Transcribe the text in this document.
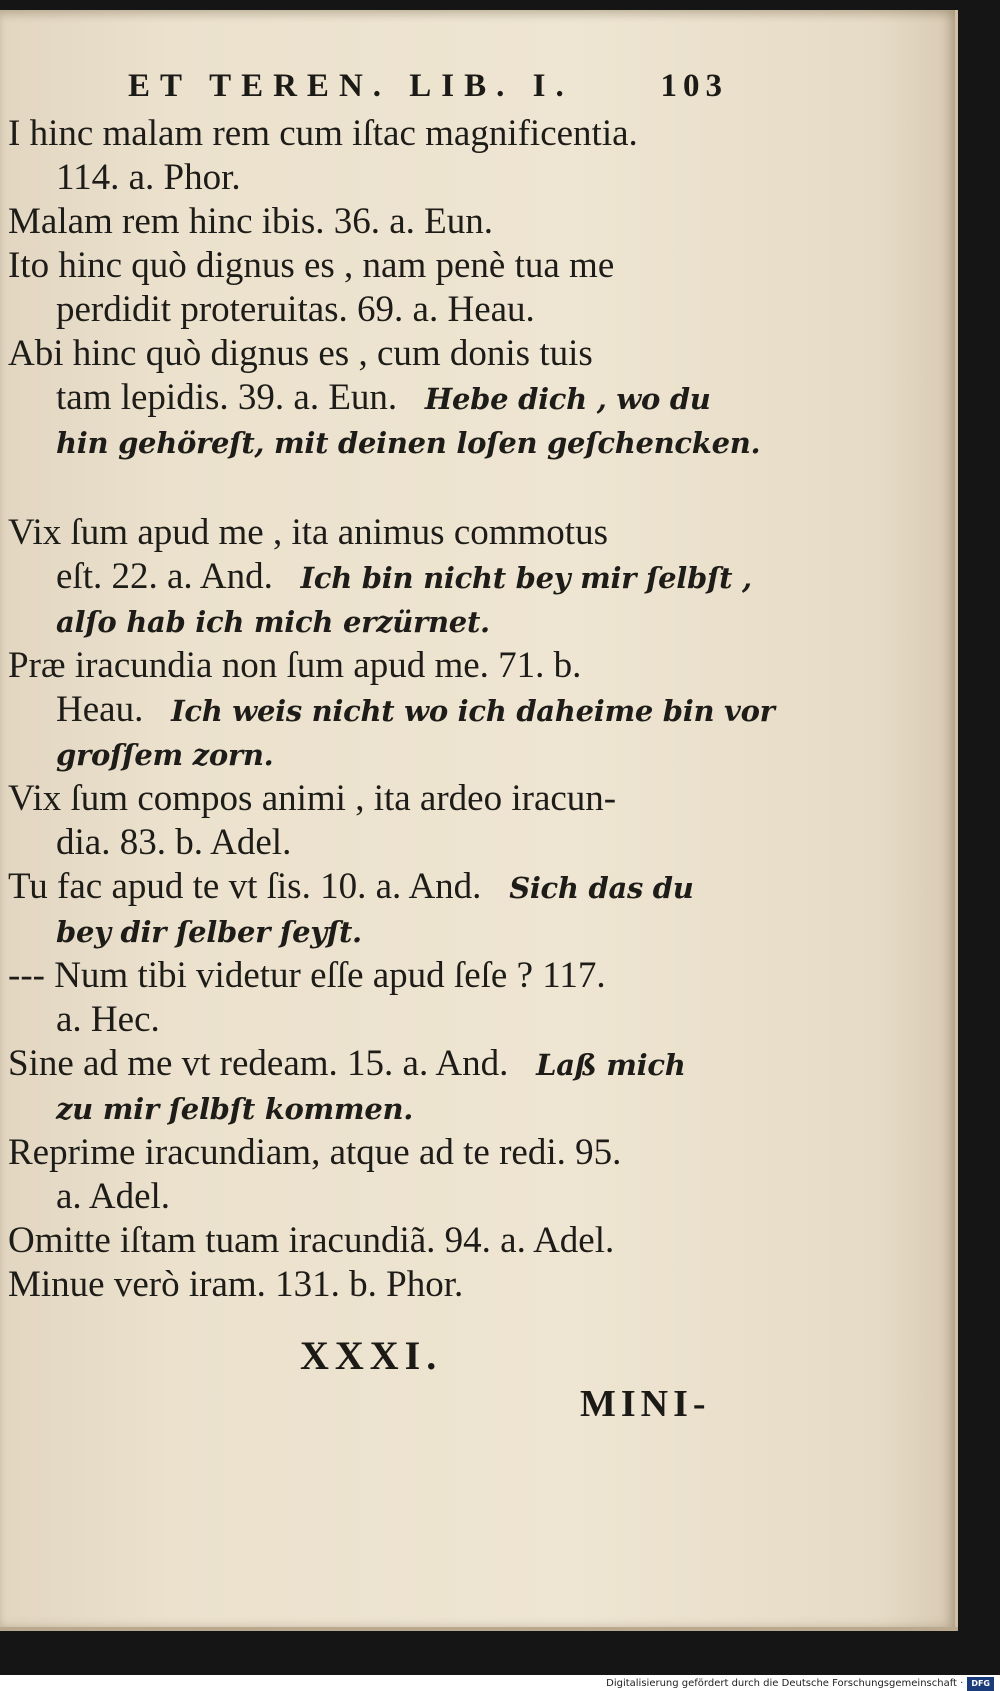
ET TEREN. LIB. I.	103
I hinc malam rem cum iſtac magnificentia.
114. a. Phor.
Malam rem hinc ibis. 36. a. Eun.
Ito hinc quò dignus es , nam penè tua me
perdidit proteruitas. 69. a. Heau.
Abi hinc quò dignus es , cum donis tuis
tam lepidis. 39. a. Eun. Hebe dich , wo du
hin gehöreſt, mit deinen loſen geſchencken.
Vix ſum apud me , ita animus commotus
eſt. 22. a. And. Ich bin nicht bey mir ſelbſt ,
alſo hab ich mich erzürnet.
Præ iracundia non ſum apud me. 71. b.
Heau. Ich weis nicht wo ich daheime bin vor
groſſem zorn.
Vix ſum compos animi , ita ardeo iracun-
dia. 83. b. Adel.
Tu fac apud te vt ſis. 10. a. And. Sich das du
bey dir ſelber ſeyſt.
--- Num tibi videtur eſſe apud ſeſe ? 117.
a. Hec.
Sine ad me vt redeam. 15. a. And. Laß mich
zu mir ſelbſt kommen.
Reprime iracundiam, atque ad te redi. 95.
a. Adel.
Omitte iſtam tuam iracundiã. 94. a. Adel.
Minue verò iram. 131. b. Phor.
XXXI.
MINI-
Digitalisierung gefördert durch die Deutsche Forschungsgemeinschaft ·	DFG
